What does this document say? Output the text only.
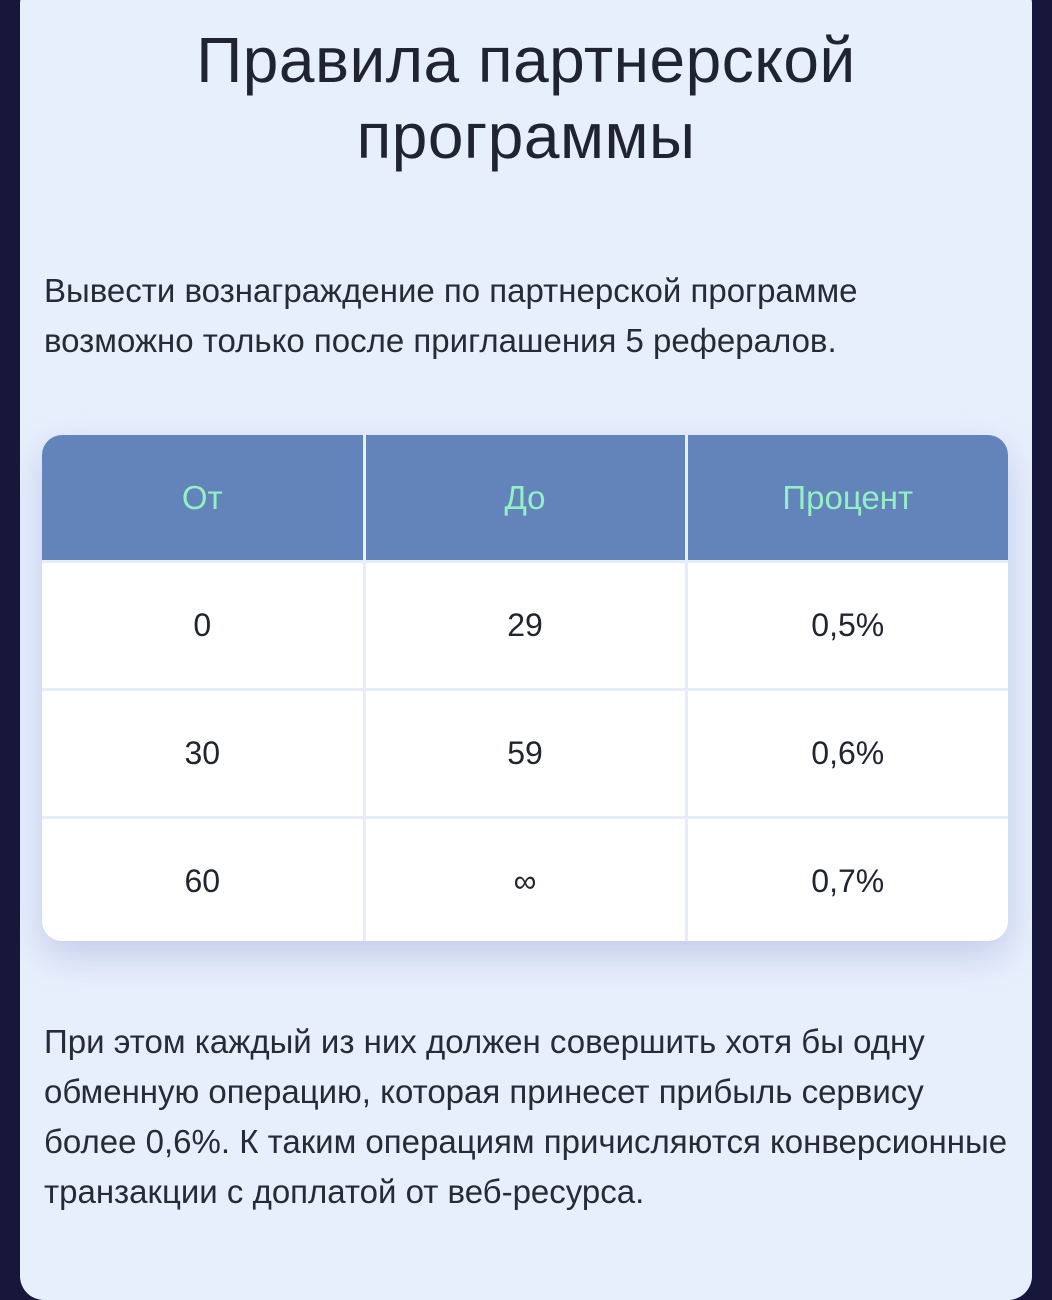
Правила партнерской
программы

Вывести вознаграждение по партнерской программе возможно только после приглашения 5 рефералов.

От	До	Процент
0	29	0,5%
30	59	0,6%
60	∞	0,7%

При этом каждый из них должен совершить хотя бы одну обменную операцию, которая принесет прибыль сервису более 0,6%. К таким операциям причисляются конверсионные транзакции с доплатой от веб-ресурса.
